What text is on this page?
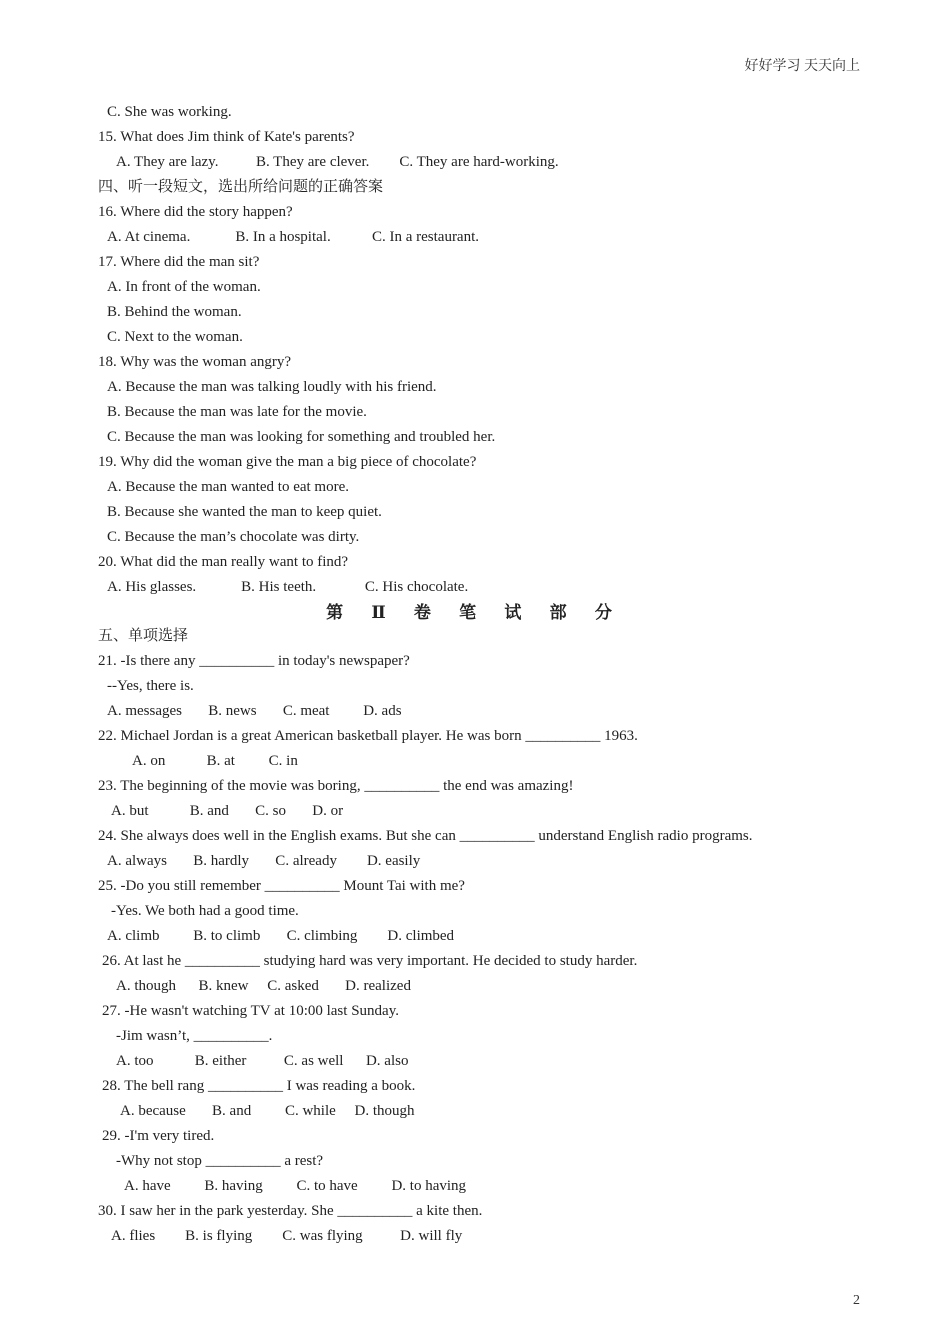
好好学习 天天向上
C. She was working.
15. What does Jim think of Kate's parents?
A. They are lazy.          B. They are clever.        C. They are hard-working.
四、听一段短文，选出所给问题的正确答案
16. Where did the story happen?
A. At cinema.            B. In a hospital.           C. In a restaurant.
17. Where did the man sit?
A. In front of the woman.
B. Behind the woman.
C. Next to the woman.
18. Why was the woman angry?
A. Because the man was talking loudly with his friend.
B. Because the man was late for the movie.
C. Because the man was looking for something and troubled her.
19. Why did the woman give the man a big piece of chocolate?
A. Because the man wanted to eat more.
B. Because she wanted the man to keep quiet.
C. Because the man’s chocolate was dirty.
20. What did the man really want to find?
A. His glasses.            B. His teeth.             C. His chocolate.
第 Ⅱ 卷 笔 试 部 分
五、单项选择
21. -Is there any __________ in today's newspaper?
--Yes, there is.
A. messages       B. news       C. meat         D. ads
22. Michael Jordan is a great American basketball player. He was born __________ 1963.
A. on           B. at         C. in
23. The beginning of the movie was boring, __________ the end was amazing!
A. but           B. and       C. so       D. or
24. She always does well in the English exams. But she can __________ understand English radio programs.
A. always       B. hardly       C. already        D. easily
25. -Do you still remember __________ Mount Tai with me?
-Yes. We both had a good time.
A. climb         B. to climb       C. climbing        D. climbed
26. At last he __________ studying hard was very important. He decided to study harder.
A. though      B. knew     C. asked       D. realized
27. -He wasn't watching TV at 10:00 last Sunday.
-Jim wasn’t, __________.
A. too           B. either          C. as well      D. also
28. The bell rang __________ I was reading a book.
A. because       B. and         C. while     D. though
29. -I'm very tired.
-Why not stop __________ a rest?
A. have         B. having         C. to have         D. to having
30. I saw her in the park yesterday. She __________ a kite then.
A. flies        B. is flying        C. was flying          D. will fly
2
